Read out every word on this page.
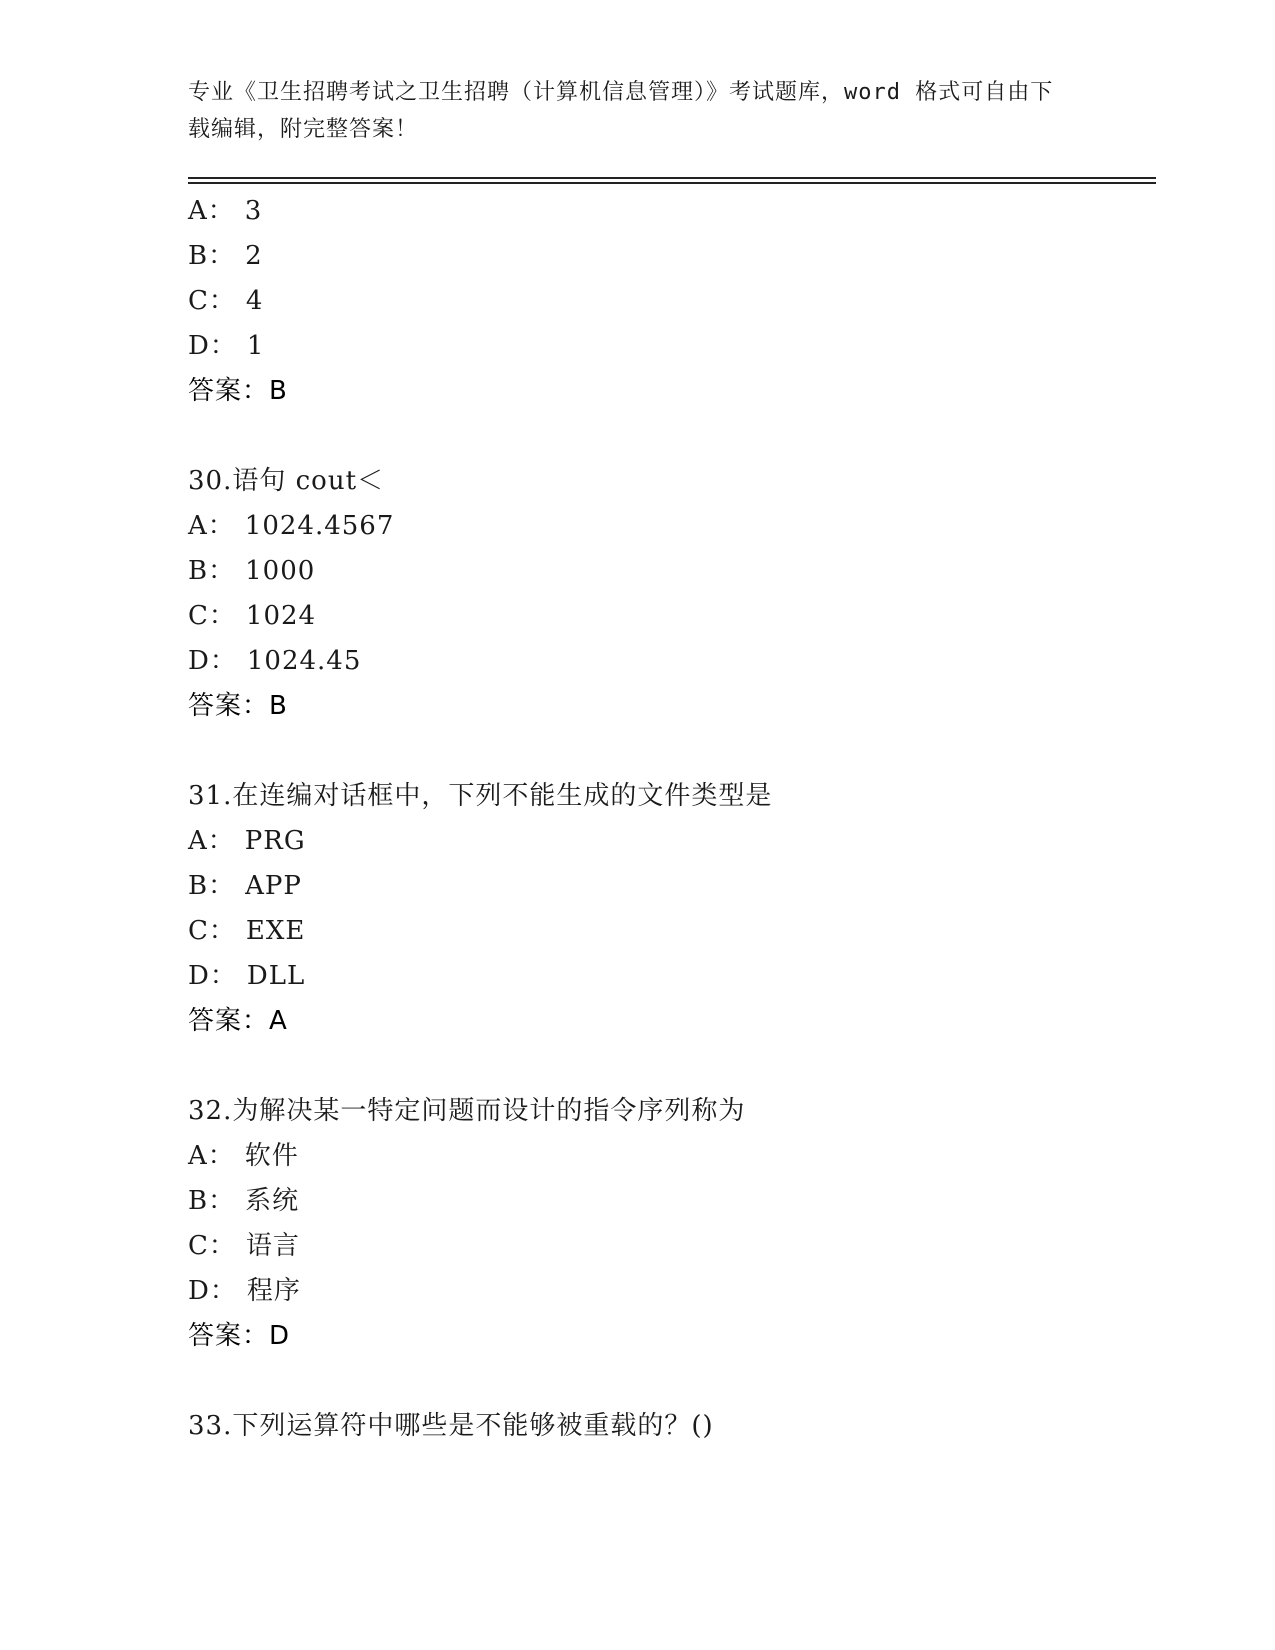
专业《卫生招聘考试之卫生招聘（计算机信息管理）》考试题库，word 格式可自由下载编辑，附完整答案！
A： 3
B： 2
C： 4
D： 1
答案：B
30.语句 cout＜
A： 1024.4567
B： 1000
C： 1024
D： 1024.45
答案：B
31.在连编对话框中，下列不能生成的文件类型是
A： PRG
B： APP
C： EXE
D： DLL
答案：A
32.为解决某一特定问题而设计的指令序列称为
A： 软件
B： 系统
C： 语言
D： 程序
答案：D
33.下列运算符中哪些是不能够被重载的？()
